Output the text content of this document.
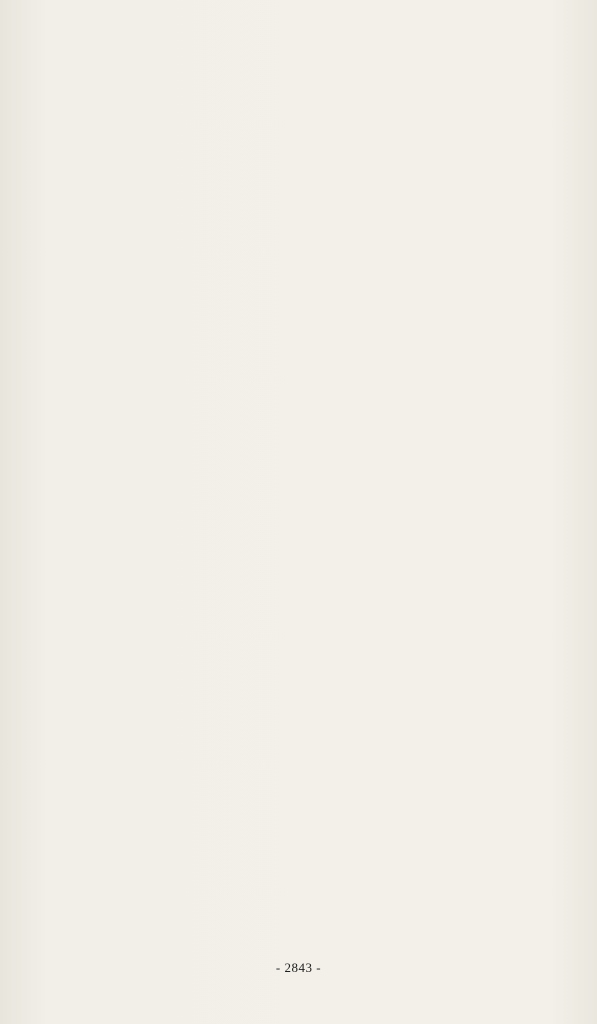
- 2843 -
